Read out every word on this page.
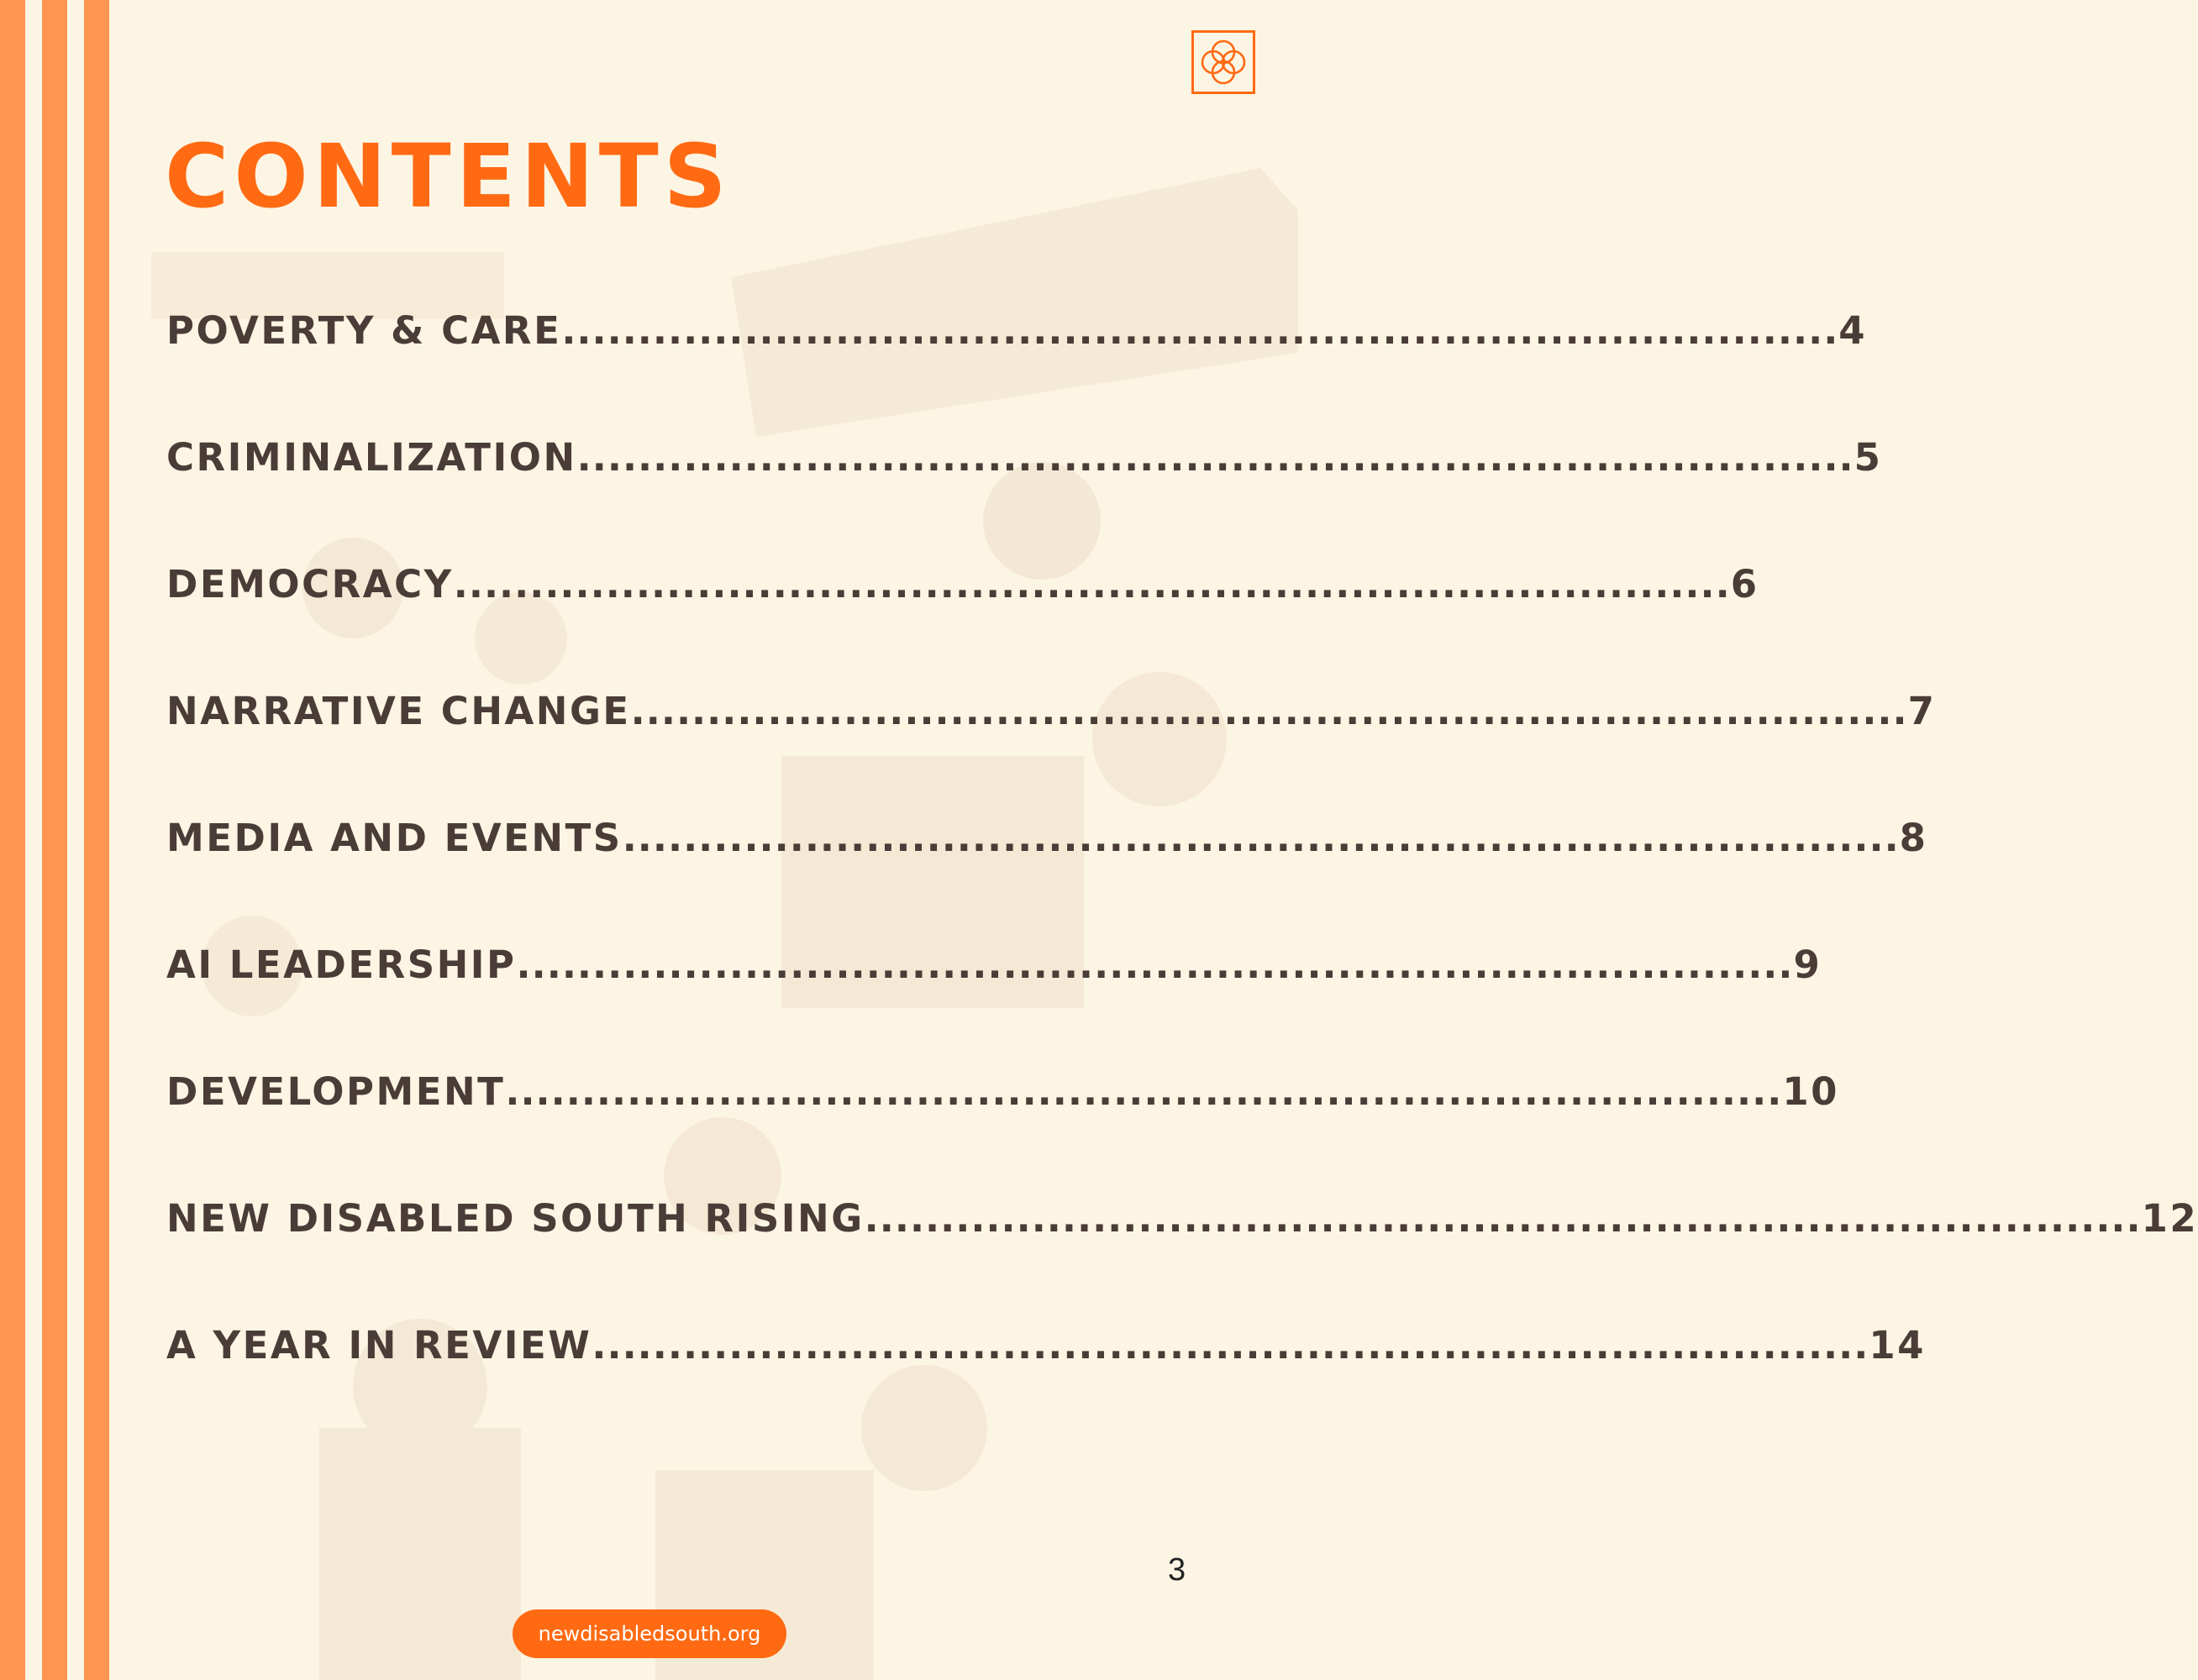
CONTENTS
POVERTY & CARE .................................................................................... 4
CRIMINALIZATION .................................................................................... 5
DEMOCRACY .................................................................................... 6
NARRATIVE CHANGE .................................................................................... 7
MEDIA AND EVENTS .................................................................................... 8
AI LEADERSHIP .................................................................................... 9
DEVELOPMENT .................................................................................... 10
NEW DISABLED SOUTH RISING .................................................................................... 12
A YEAR IN REVIEW .................................................................................... 14
3
newdisabledsouth.org
